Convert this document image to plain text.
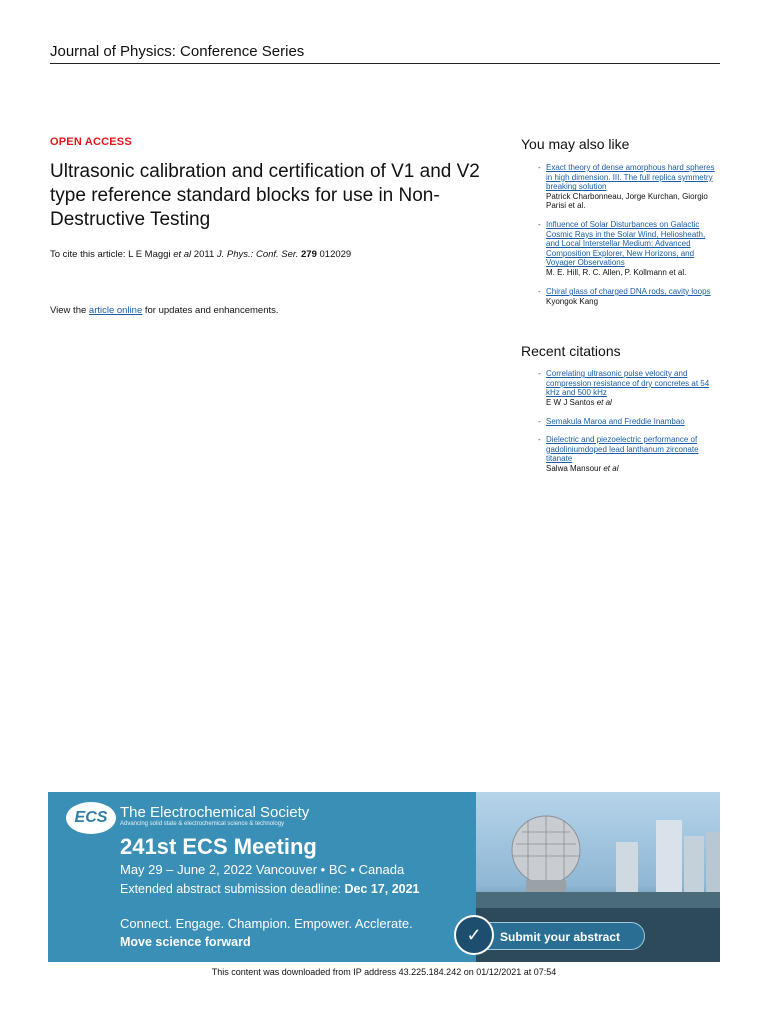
Journal of Physics: Conference Series
OPEN ACCESS
Ultrasonic calibration and certification of V1 and V2 type reference standard blocks for use in Non-Destructive Testing
To cite this article: L E Maggi et al 2011 J. Phys.: Conf. Ser. 279 012029
View the article online for updates and enhancements.
You may also like
- Exact theory of dense amorphous hard spheres in high dimension. III. The full replica symmetry breaking solution
Patrick Charbonneau, Jorge Kurchan, Giorgio Parisi et al.
- Influence of Solar Disturbances on Galactic Cosmic Rays in the Solar Wind, Heliosheath, and Local Interstellar Medium: Advanced Composition Explorer, New Horizons, and Voyager Observations
M. E. Hill, R. C. Allen, P. Kollmann et al.
- Chiral glass of charged DNA rods, cavity loops
Kyongok Kang
Recent citations
- Correlating ultrasonic pulse velocity and compression resistance of dry concretes at 54 kHz and 500 kHz
E W J Santos et al
- Semakula Maroa and Freddie Inambao
- Dielectric and piezoelectric performance of gadoliniumdoped lead lanthanum zirconate titanate
Salwa Mansour et al
ECS The Electrochemical Society
Advancing solid state & electrochemical science & technology
241st ECS Meeting
May 29 – June 2, 2022 Vancouver • BC • Canada
Extended abstract submission deadline: Dec 17, 2021
Connect. Engage. Champion. Empower. Acclerate.
Move science forward	Submit your abstract
✓
This content was downloaded from IP address 43.225.184.242 on 01/12/2021 at 07:54
